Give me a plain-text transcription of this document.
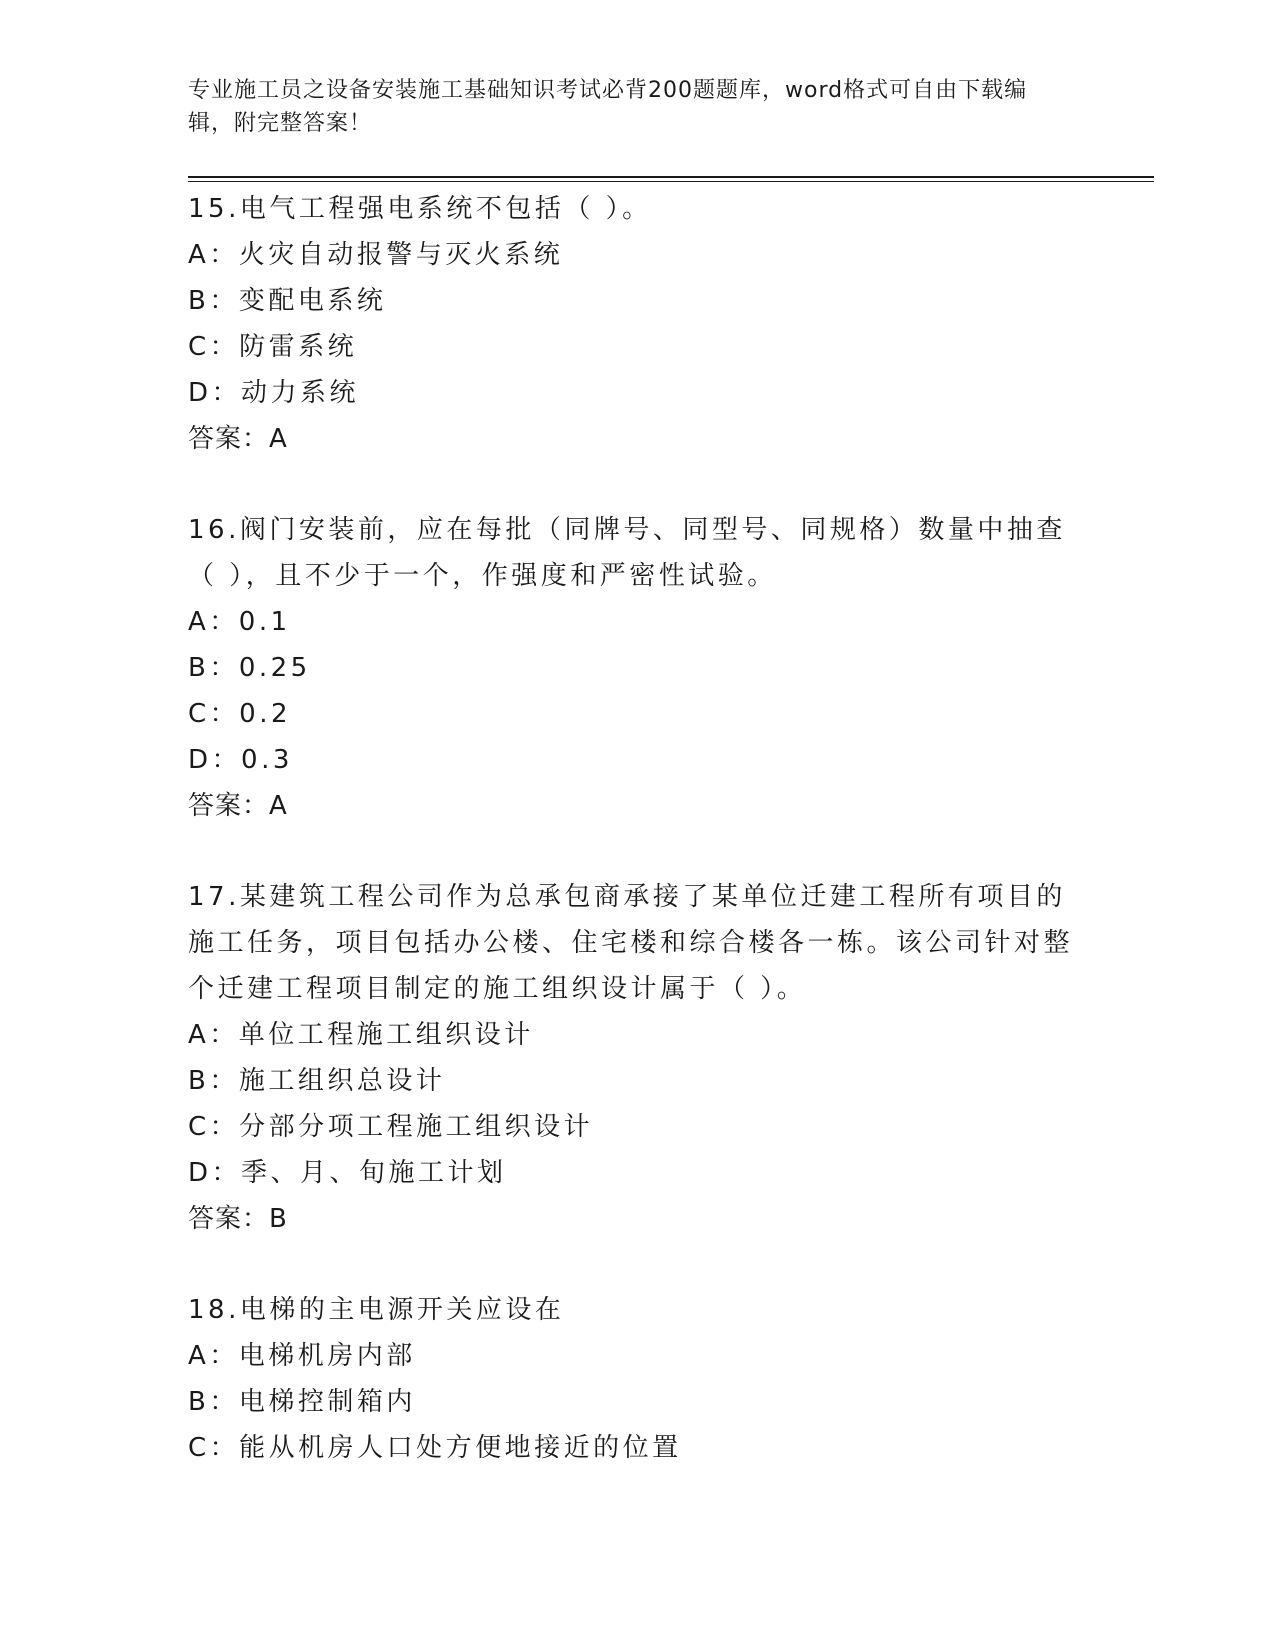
专业施工员之设备安装施工基础知识考试必背200题题库，word格式可自由下载编辑，附完整答案！
15.电气工程强电系统不包括（ ）。
A：火灾自动报警与灭火系统
B：变配电系统
C：防雷系统
D：动力系统
答案：A
16.阀门安装前，应在每批（同牌号、同型号、同规格）数量中抽查（ ），且不少于一个，作强度和严密性试验。
A：0.1
B：0.25
C：0.2
D：0.3
答案：A
17.某建筑工程公司作为总承包商承接了某单位迁建工程所有项目的施工任务，项目包括办公楼、住宅楼和综合楼各一栋。该公司针对整个迁建工程项目制定的施工组织设计属于（ ）。
A：单位工程施工组织设计
B：施工组织总设计
C：分部分项工程施工组织设计
D：季、月、旬施工计划
答案：B
18.电梯的主电源开关应设在
A：电梯机房内部
B：电梯控制箱内
C：能从机房人口处方便地接近的位置
